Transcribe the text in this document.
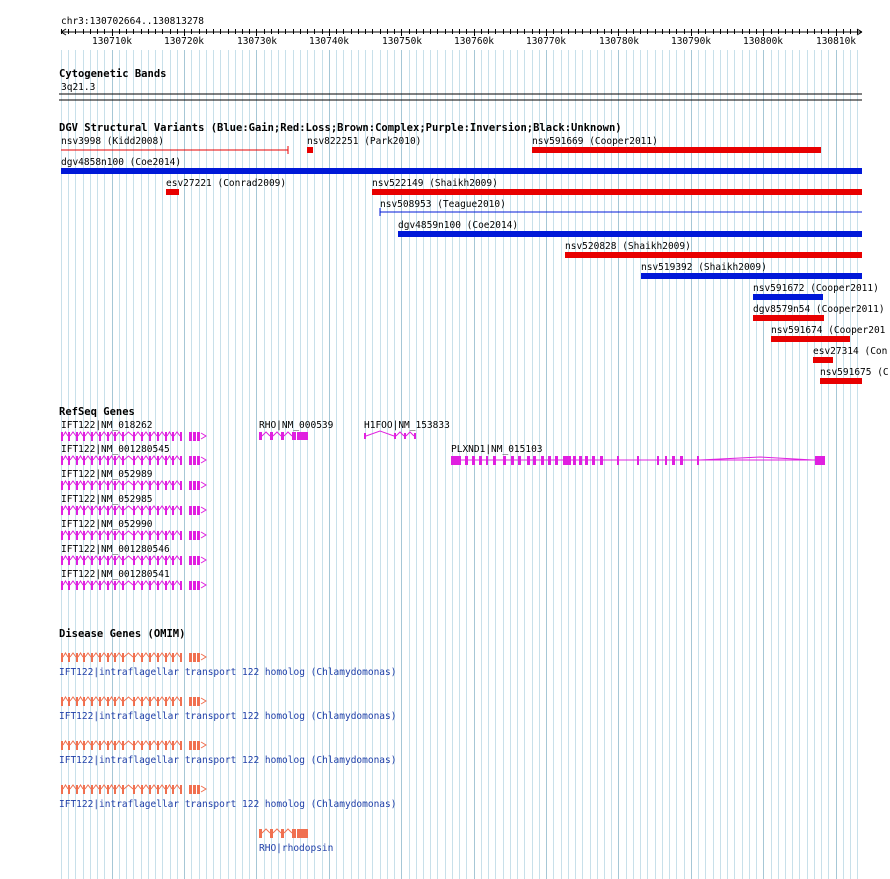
chr3:130702664..130813278
130710k	130720k	130730k	130740k	130750k	130760k	130770k	130780k	130790k	130800k	130810k
Cytogenetic Bands
3q21.3
DGV Structural Variants (Blue:Gain;Red:Loss;Brown:Complex;Purple:Inversion;Black:Unknown)
nsv3998 (Kidd2008)	nsv822251 (Park2010)	nsv591669 (Cooper2011)
dgv4858n100 (Coe2014)
esv27221 (Conrad2009)	nsv522149 (Shaikh2009)
nsv508953 (Teague2010)
dgv4859n100 (Coe2014)
nsv520828 (Shaikh2009)
nsv519392 (Shaikh2009)
nsv591672 (Cooper2011)
dgv8579n54 (Cooper2011)
nsv591674 (Cooper201
esv27314 (Con
nsv591675 (C
RefSeq Genes
IFT122|NM_018262	RHO|NM_000539	H1FOO|NM_153833
IFT122|NM_001280545	PLXND1|NM_015103
IFT122|NM_052989
IFT122|NM_052985
IFT122|NM_052990
IFT122|NM_001280546
IFT122|NM_001280541
Disease Genes (OMIM)
IFT122|intraflagellar transport 122 homolog (Chlamydomonas)
IFT122|intraflagellar transport 122 homolog (Chlamydomonas)
IFT122|intraflagellar transport 122 homolog (Chlamydomonas)
IFT122|intraflagellar transport 122 homolog (Chlamydomonas)
RHO|rhodopsin
